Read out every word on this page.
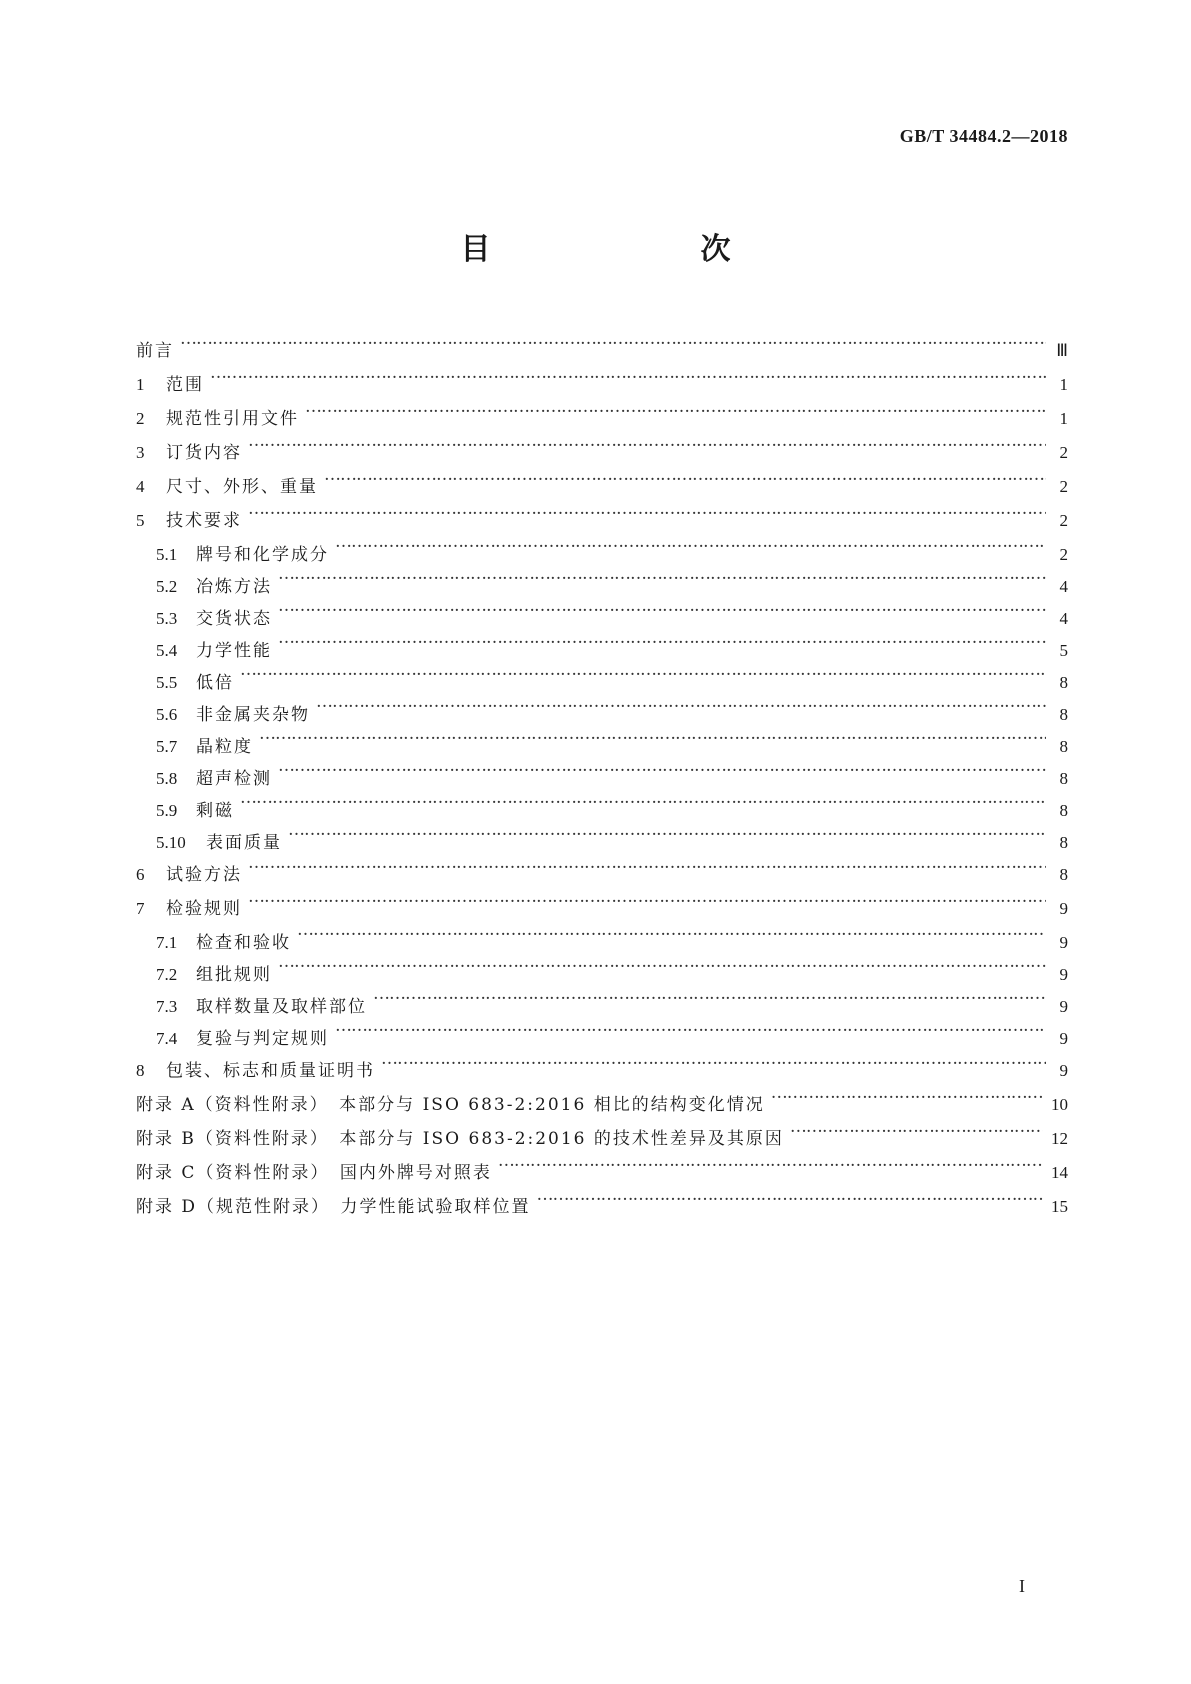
GB/T 34484.2—2018
目　　次
前言 …………………………………………………………………………………………………………………………………………………………………………………	Ⅲ
1	范围 …………………………………………………………………………………………………………………………………………………………………………………	1
2	规范性引用文件 …………………………………………………………………………………………………………………………………………………………………………………	1
3	订货内容 …………………………………………………………………………………………………………………………………………………………………………………	2
4	尺寸、外形、重量 …………………………………………………………………………………………………………………………………………………………………………………	2
5	技术要求 …………………………………………………………………………………………………………………………………………………………………………………	2
5.1	牌号和化学成分 …………………………………………………………………………………………………………………………………………………………………………………	2
5.2	冶炼方法 …………………………………………………………………………………………………………………………………………………………………………………	4
5.3	交货状态 …………………………………………………………………………………………………………………………………………………………………………………	4
5.4	力学性能 …………………………………………………………………………………………………………………………………………………………………………………	5
5.5	低倍 …………………………………………………………………………………………………………………………………………………………………………………	8
5.6	非金属夹杂物 …………………………………………………………………………………………………………………………………………………………………………………	8
5.7	晶粒度 …………………………………………………………………………………………………………………………………………………………………………………	8
5.8	超声检测 …………………………………………………………………………………………………………………………………………………………………………………	8
5.9	剩磁 …………………………………………………………………………………………………………………………………………………………………………………	8
5.10	表面质量 …………………………………………………………………………………………………………………………………………………………………………………	8
6	试验方法 …………………………………………………………………………………………………………………………………………………………………………………	8
7	检验规则 …………………………………………………………………………………………………………………………………………………………………………………	9
7.1	检查和验收 …………………………………………………………………………………………………………………………………………………………………………………	9
7.2	组批规则 …………………………………………………………………………………………………………………………………………………………………………………	9
7.3	取样数量及取样部位 …………………………………………………………………………………………………………………………………………………………………………………	9
7.4	复验与判定规则 …………………………………………………………………………………………………………………………………………………………………………………	9
8	包装、标志和质量证明书 …………………………………………………………………………………………………………………………………………………………………………………	9
附录 A（资料性附录）　本部分与 ISO 683-2:2016 相比的结构变化情况 …………………………………………………………………………………………………………………………………………………………………………………	10
附录 B（资料性附录）　本部分与 ISO 683-2:2016 的技术性差异及其原因 …………………………………………………………………………………………………………………………………………………………………………………	12
附录 C（资料性附录）　国内外牌号对照表 …………………………………………………………………………………………………………………………………………………………………………………	14
附录 D（规范性附录）　力学性能试验取样位置 …………………………………………………………………………………………………………………………………………………………………………………	15
I
